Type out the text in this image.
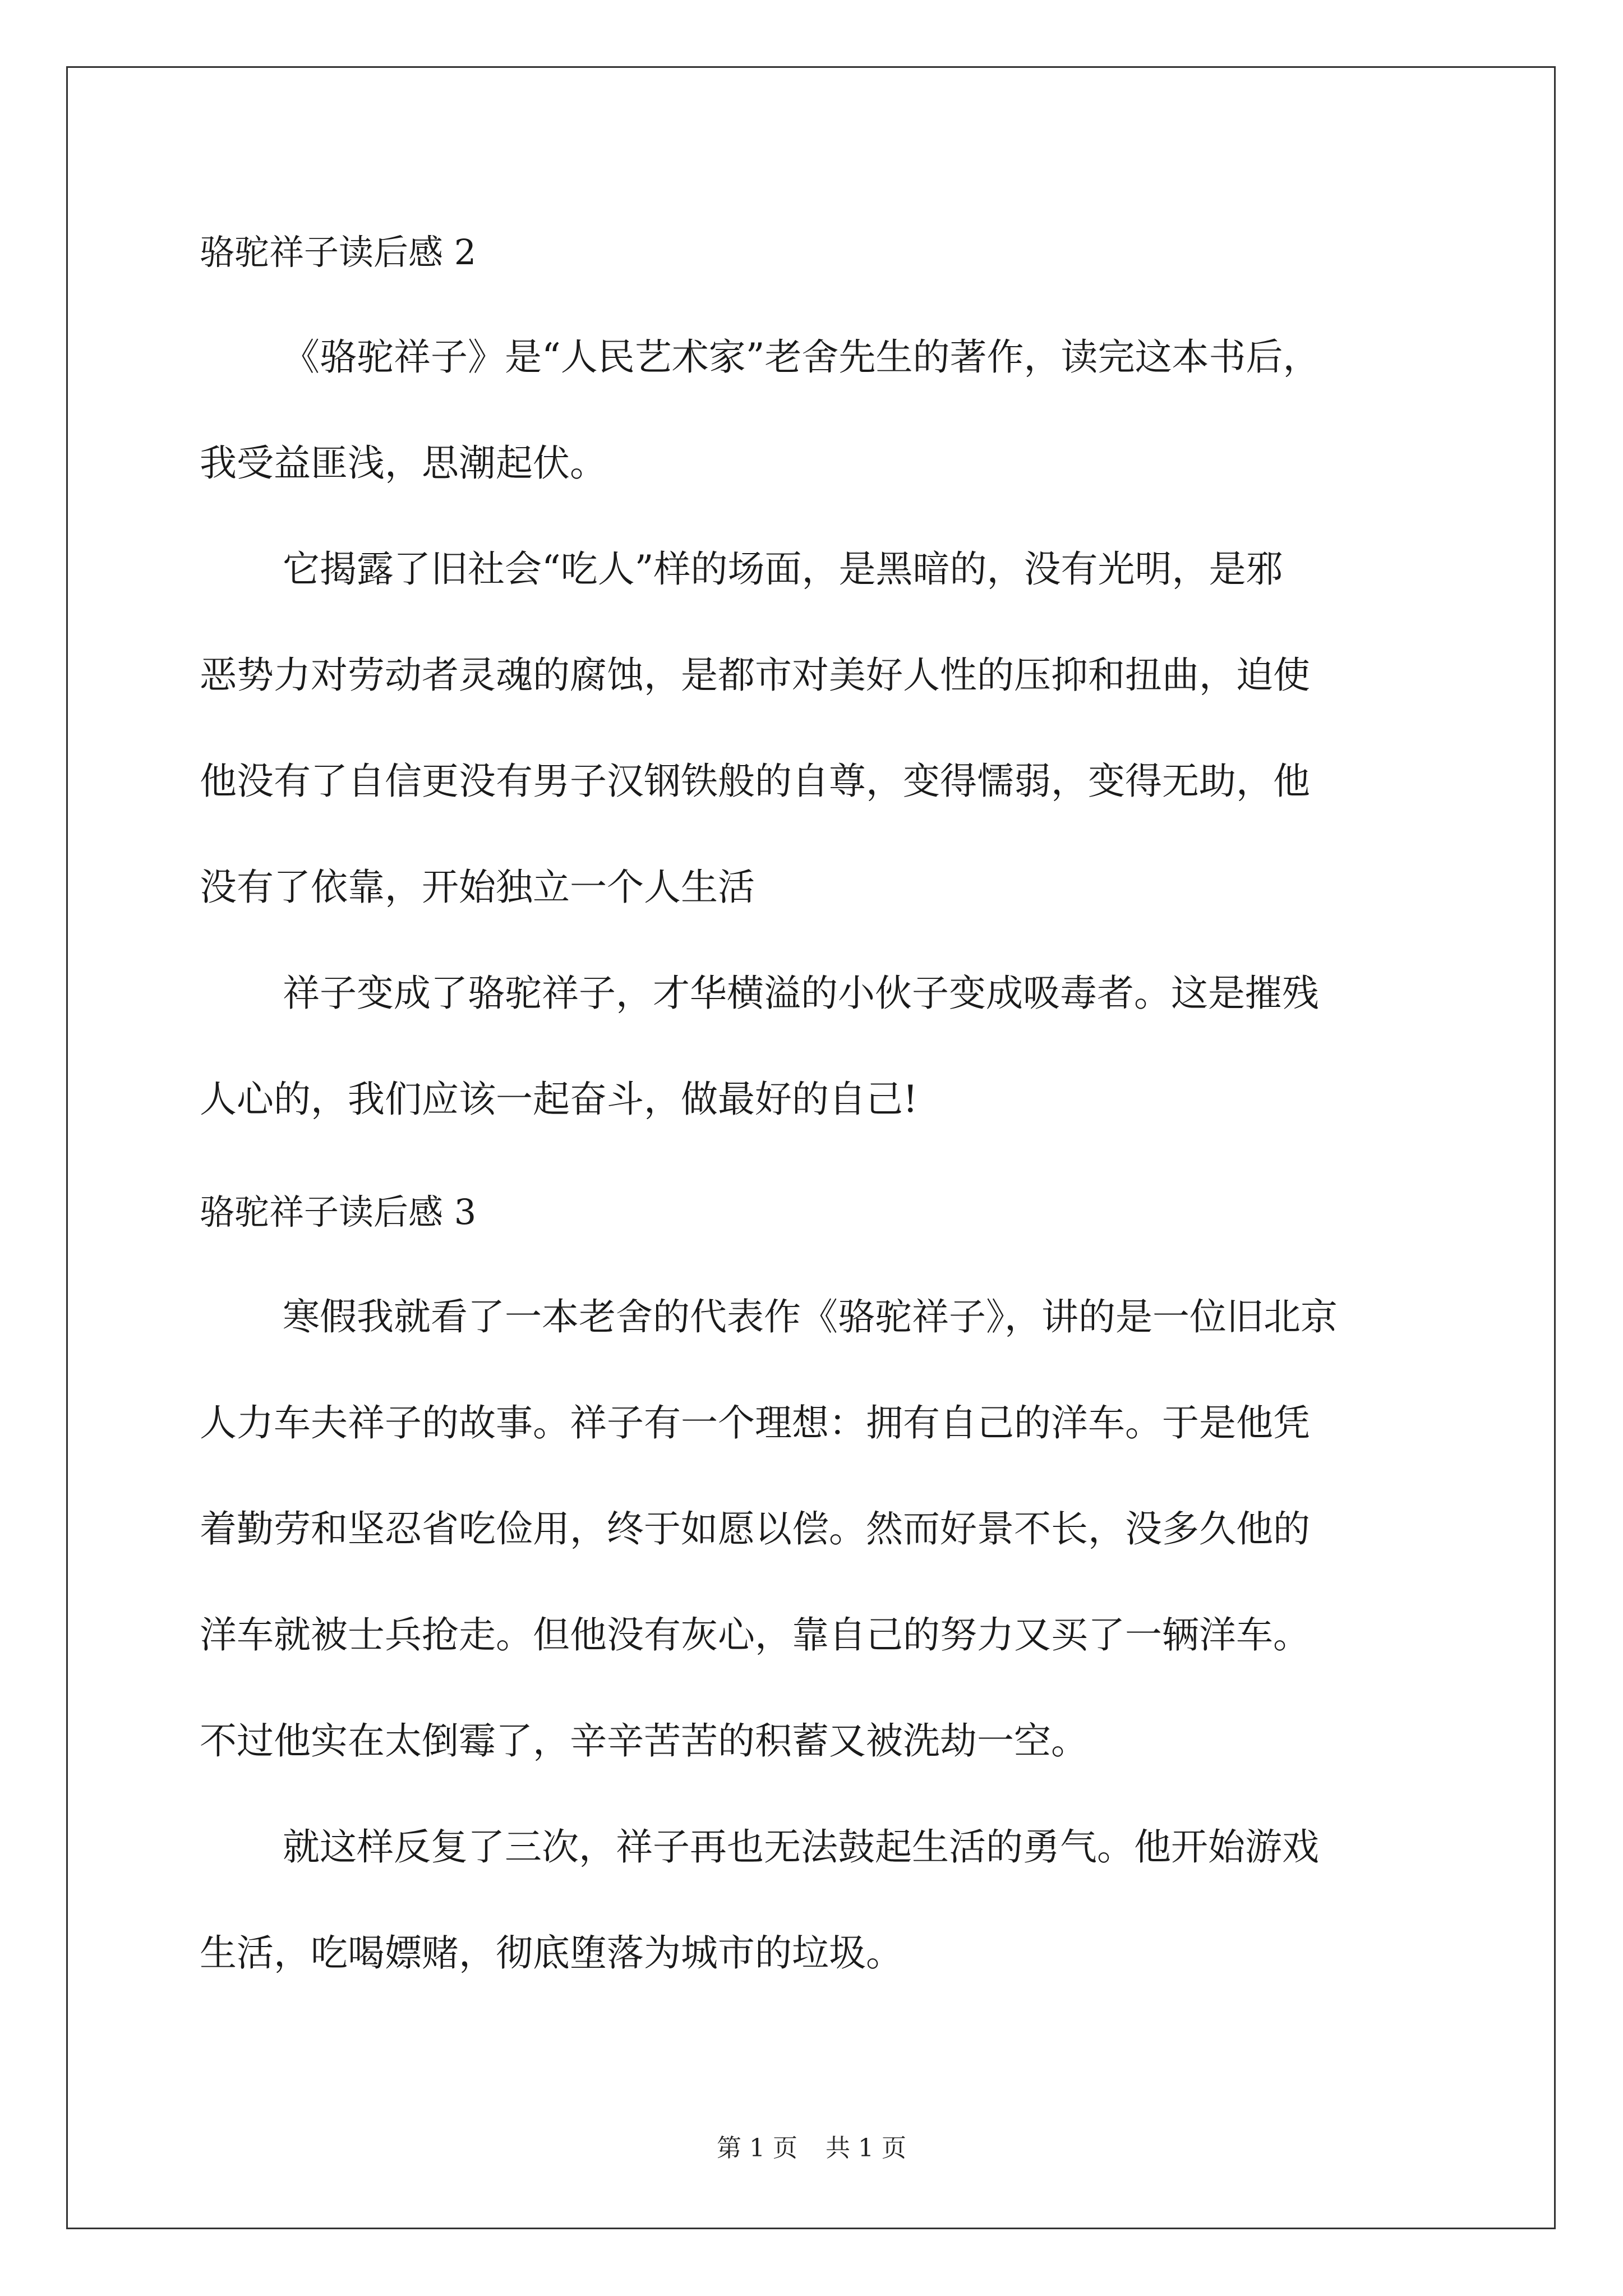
骆驼祥子读后感 2
《骆驼祥子》是“人民艺术家”老舍先生的著作，读完这本书后，
我受益匪浅，思潮起伏。
它揭露了旧社会“吃人”样的场面，是黑暗的，没有光明，是邪
恶势力对劳动者灵魂的腐蚀，是都市对美好人性的压抑和扭曲，迫使
他没有了自信更没有男子汉钢铁般的自尊，变得懦弱，变得无助，他
没有了依靠，开始独立一个人生活
祥子变成了骆驼祥子，才华横溢的小伙子变成吸毒者。这是摧残
人心的，我们应该一起奋斗，做最好的自己!
骆驼祥子读后感 3
寒假我就看了一本老舍的代表作《骆驼祥子》，讲的是一位旧北京
人力车夫祥子的故事。祥子有一个理想：拥有自己的洋车。于是他凭
着勤劳和坚忍省吃俭用，终于如愿以偿。然而好景不长，没多久他的
洋车就被士兵抢走。但他没有灰心，靠自己的努力又买了一辆洋车。
不过他实在太倒霉了，辛辛苦苦的积蓄又被洗劫一空。
就这样反复了三次，祥子再也无法鼓起生活的勇气。他开始游戏
生活，吃喝嫖赌，彻底堕落为城市的垃圾。
第 1 页 共 1 页
